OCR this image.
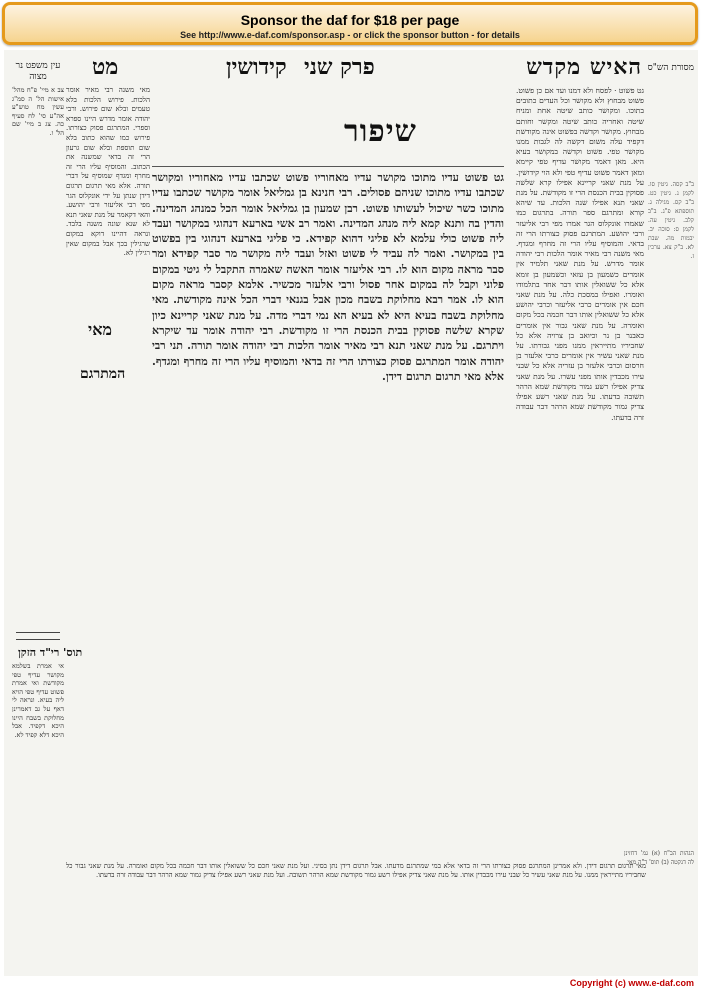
Sponsor the daf for $18 per page
See http://www.e-daf.com/sponsor.asp - or click the sponsor button - for details
מסורת הש"ס
האיש מקדש
פרק שני
קידושין
מט
עין משפט נר מצוה
גט פשוט · לפסח ולא דמנו ועד אם כן פשוט. פשוט מבחוץ ולא מקושר וכל העדים כתובים בתוכו. ומקושר כותב שיטה אחת ומניח שיטה ואחריה כותב שיטה ומקשר וחותם מבחוץ. מקושר וקדשה בפשוט אינה מקודשת דקפיד עלה משום דקשה לה לגבות ממנו מקושר טפי. פשוט וקדשה במקושר בעיא היא. מאן דאמר מקושר עדיף טפי קיימא ומאן דאמר פשוט עדיף טפי ולא הוי קידושין. על מנת שאני קריינא אפילו קרא שלשה פסוקין בבית הכנסת הרי זו מקודשת. על מנת שאני תנא אפילו שנה הלכות. עד שיהא קורא ומתרגם ספר תורה. בתרגום כמו שאמרו אונקלוס הגר אמרו מפי רבי אליעזר ורבי יהושע. המתרגם פסוק כצורתו הרי זה בדאי. והמוסיף עליו הרי זה מחרף ומגדף. מאי משנה רבי מאיר אומר הלכות רבי יהודה אומר מדרש. על מנת שאני תלמיד אין אומרים כשמעון בן עזאי וכשמעון בן זומא אלא כל ששואלין אותו דבר אחד בתלמודו ואומרו. ואפילו במסכת כלה. על מנת שאני חכם אין אומרים כרבי אליעזר וכרבי יהושע אלא כל ששואלין אותו דבר חכמה בכל מקום ואומרה. על מנת שאני גבור אין אומרים כאבנר בן נר וכיואב בן צרויה אלא כל שחביריו מתייראין ממנו מפני גבורתו. על מנת שאני עשיר אין אומרים כרבי אלעזר בן חרסום וכרבי אלעזר בן עזריה אלא כל שבני עירו מכבדין אותו מפני עשרו. על מנת שאני צדיק אפילו רשע גמור מקודשת שמא הרהר תשובה בדעתו. על מנת שאני רשע אפילו צדיק גמור מקודשת שמא הרהר דבר עבודה זרה בדעתו.
שיפור
גט פשוט עדיו מתוכו מקושר עדיו מאחוריו פשוט שכתבו עדיו מאחוריו ומקושר שכתבו עדיו מתוכו שניהם פסולים. רבי חנינא בן גמליאל אומר מקושר שכתבו עדיו מתוכו כשר שיכול לעשותו פשוט. רבן שמעון בן גמליאל אומר הכל כמנהג המדינה. והדין בה ותנא קמא ליה מנהג המדינה. ואמר רב אשי בארעא דנהוגי במקושר ועבד ליה פשוט כולי עלמא לא פליגי דהוא קפידא. כי פליגי בארעא דנהוגי בין בפשוט בין במקושר. ואמר לה עביד לי פשוט ואזל ועבד ליה מקושר מר סבר קפידא ומר סבר מראה מקום הוא לו. רבי אליעזר אומר האשה שאמרה התקבל לי גיטי במקום פלוני וקבל לה במקום אחר פסול ורבי אלעזר מכשיר. אלמא קסבר מראה מקום הוא לו. אמר רבא מחלוקת בשבח מכון אבל בגנאי דברי הכל אינה מקודשת. מאי מחלוקת בשבח בעיא היא לא בעיא הא נמי דברי מדה. על מנת שאני קריינא כיון שקרא שלשה פסוקין בבית הכנסת הרי זו מקודשת. רבי יהודה אומר עד שיקרא ויתרגם. על מנת שאני תנא רבי מאיר אומר הלכות רבי יהודה אומר תורה. תני רבי יהודה אומר המתרגם פסוק כצורתו הרי זה בדאי והמוסיף עליו הרי זה מחרף ומגדף. אלא מאי תרגום תרגום דידן.
צב א מיי' פ"ח מהל' אישות הל' ה סמ"ג עשין מח טוש"ע אה"ע סי' לח סעיף כה. צג ב מיי' שם הל' ו.
מאי משנה רבי מאיר אומר הלכות. פירוש הלכות בלא טעמים ובלא שום פירוש. ורבי יהודה אומר מדרש היינו ספרא וספרי. המתרגם פסוק כצורתו. פירוש כמו שהוא כתוב בלא שום תוספת ובלא שום גרעון הרי זה בדאי שמשנה את הכתוב. והמוסיף עליו הרי זה מחרף ומגדף שמוסיף על דברי תורה. אלא מאי תרגום תרגום דידן שנתן על ידי אונקלוס הגר מפי רבי אליעזר ורבי יהושע. והאי דקאמר על מנת שאני תנא לא שנא שונה משנה בלבד. ונראה דהיינו דוקא במקום שרגילין בכך אבל במקום שאין רגילין לא.
מאי
המתרגם
תוס' רי"ד הזקן
אי אמרת בשלמא מקושר עדיף טפי מקודשת ואי אמרת פשוט עדיף טפי הויא ליה בעיא. ונראה לי דאף על גב דאמרינן מחלוקת בשבח היינו היכא דקפיד. אבל היכא דלא קפיד לא.
ב"ב קסה. גיטין סו. לקמן נ. גיטין כט. ב"ב קס. מגילה ג. תוספתא פ"ג. ב"ב קלב. גיטין עה. לקמן ס: סוכה יב. יבמות מה. שבת לא. ב"ק צא. ערכין ז.
הגהות הב"ח (א) גמ' דחזינן לה דנקטה (ב) תוס' ד"ה מאי
מאי תרגום תרגום דידן. ולא אמרינן המתרגם פסוק כצורתו הרי זה בדאי אלא במי שמתרגם מדעתו. אבל תרגום דידן נתן בסיני. ועל מנת שאני חכם כל ששואלין אותו דבר חכמה בכל מקום ואומרה. על מנת שאני גבור כל שחביריו מתייראין ממנו. על מנת שאני עשיר כל שבני עירו מכבדין אותו. על מנת שאני צדיק אפילו רשע גמור מקודשת שמא הרהר תשובה. ועל מנת שאני רשע אפילו צדיק גמור שמא הרהר דבר עבודה זרה בדעתו.
Copyright (c) www.e-daf.com
